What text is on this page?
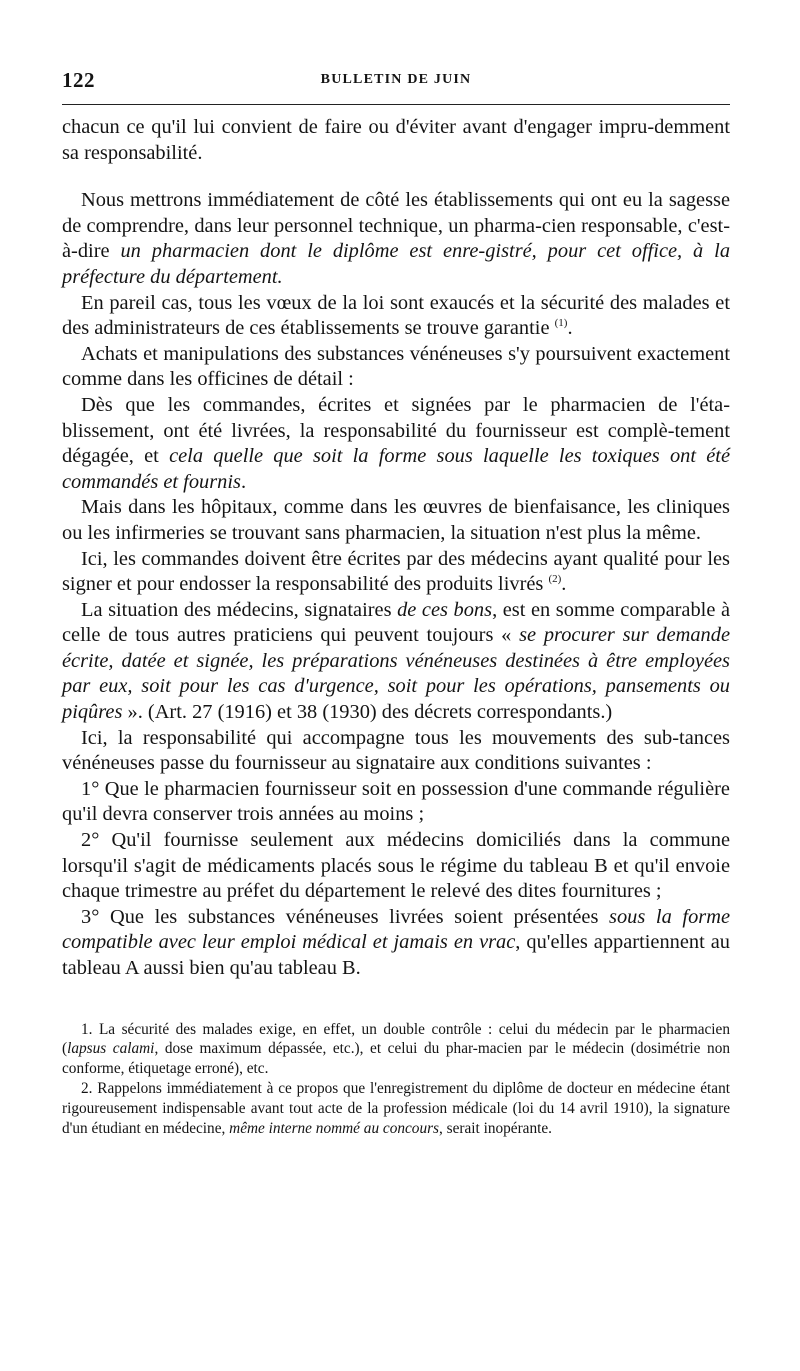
122	BULLETIN DE JUIN

chacun ce qu'il lui convient de faire ou d'éviter avant d'engager impru-demment sa responsabilité.

Nous mettrons immédiatement de côté les établissements qui ont eu la sagesse de comprendre, dans leur personnel technique, un pharma-cien responsable, c'est-à-dire un pharmacien dont le diplôme est enre-gistré, pour cet office, à la préfecture du département.

En pareil cas, tous les vœux de la loi sont exaucés et la sécurité des malades et des administrateurs de ces établissements se trouve garantie $^{(1)}$.

Achats et manipulations des substances vénéneuses s'y poursuivent exactement comme dans les officines de détail :

Dès que les commandes, écrites et signées par le pharmacien de l'éta-blissement, ont été livrées, la responsabilité du fournisseur est complè-tement dégagée, et cela quelle que soit la forme sous laquelle les toxiques ont été commandés et fournis.

Mais dans les hôpitaux, comme dans les œuvres de bienfaisance, les cliniques ou les infirmeries se trouvant sans pharmacien, la situation n'est plus la même.

Ici, les commandes doivent être écrites par des médecins ayant qualité pour les signer et pour endosser la responsabilité des produits livrés $^{(2)}$.

La situation des médecins, signataires de ces bons, est en somme comparable à celle de tous autres praticiens qui peuvent toujours « se procurer sur demande écrite, datée et signée, les préparations vénéneuses destinées à être employées par eux, soit pour les cas d'urgence, soit pour les opérations, pansements ou piqûres ». (Art. 27 (1916) et 38 (1930) des décrets correspondants.)

Ici, la responsabilité qui accompagne tous les mouvements des sub-tances vénéneuses passe du fournisseur au signataire aux conditions suivantes :

1° Que le pharmacien fournisseur soit en possession d'une commande régulière qu'il devra conserver trois années au moins ;

2° Qu'il fournisse seulement aux médecins domiciliés dans la commune lorsqu'il s'agit de médicaments placés sous le régime du tableau B et qu'il envoie chaque trimestre au préfet du département le relevé des dites fournitures ;

3° Que les substances vénéneuses livrées soient présentées sous la forme compatible avec leur emploi médical et jamais en vrac, qu'elles appartiennent au tableau A aussi bien qu'au tableau B.

1. La sécurité des malades exige, en effet, un double contrôle : celui du médecin par le pharmacien (lapsus calami, dose maximum dépassée, etc.), et celui du phar-macien par le médecin (dosimétrie non conforme, étiquetage erroné), etc.

2. Rappelons immédiatement à ce propos que l'enregistrement du diplôme de docteur en médecine étant rigoureusement indispensable avant tout acte de la profession médicale (loi du 14 avril 1910), la signature d'un étudiant en médecine, même interne nommé au concours, serait inopérante.
